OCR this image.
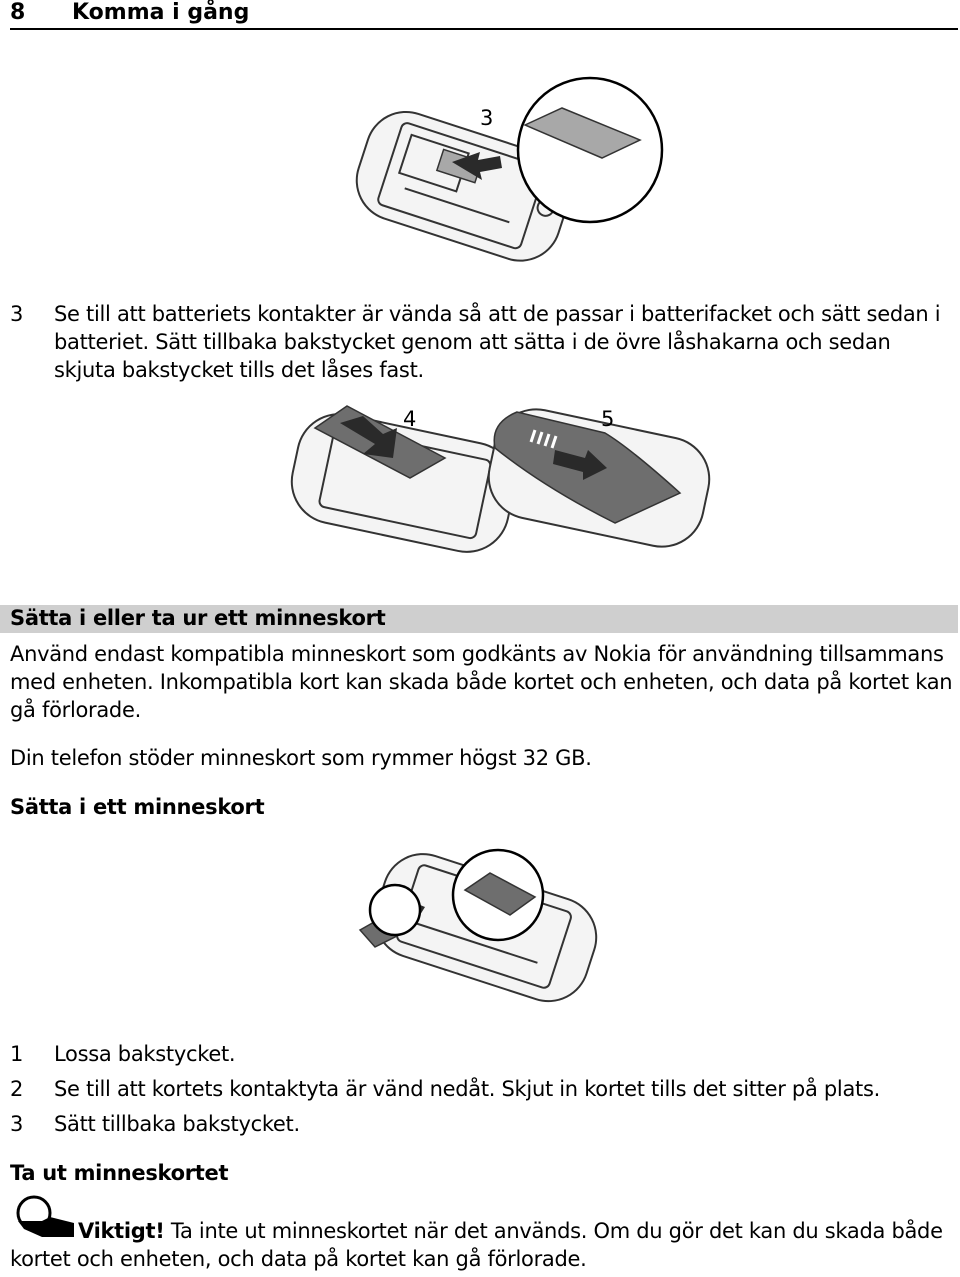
8 Komma i gång
3
3 Se till att batteriets kontakter är vända så att de passar i batterifacket och sätt sedan i batteriet. Sätt tillbaka bakstycket genom att sätta i de övre låshakarna och sedan skjuta bakstycket tills det låses fast.
4	5
Sätta i eller ta ur ett minneskort
Använd endast kompatibla minneskort som godkänts av Nokia för användning tillsammans med enheten. Inkompatibla kort kan skada både kortet och enheten, och data på kortet kan gå förlorade.
Din telefon stöder minneskort som rymmer högst 32 GB.
Sätta i ett minneskort
1 Lossa bakstycket.
2 Se till att kortets kontaktyta är vänd nedåt. Skjut in kortet tills det sitter på plats.
3 Sätt tillbaka bakstycket.
Ta ut minneskortet
Viktigt! Ta inte ut minneskortet när det används. Om du gör det kan du skada både kortet och enheten, och data på kortet kan gå förlorade.
